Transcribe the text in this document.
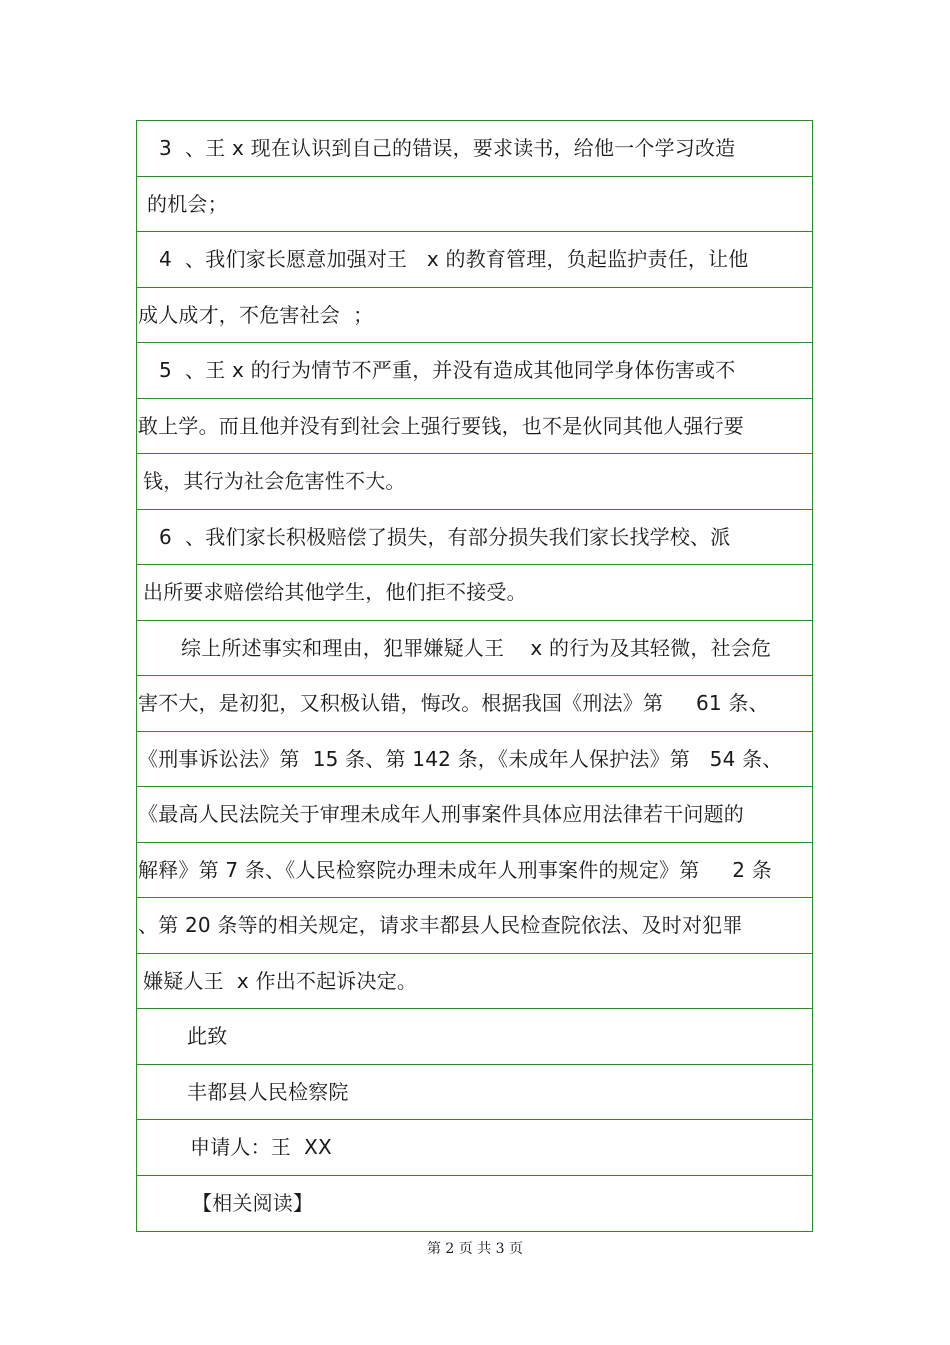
3  、王 x 现在认识到自己的错误，要求读书，给他一个学习改造
的机会；
4  、我们家长愿意加强对王   x 的教育管理，负起监护责任，让他
成人成才，不危害社会  ；
5  、王 x 的行为情节不严重，并没有造成其他同学身体伤害或不
敢上学。而且他并没有到社会上强行要钱，也不是伙同其他人强行要
钱，其行为社会危害性不大。
6  、我们家长积极赔偿了损失，有部分损失我们家长找学校、派
出所要求赔偿给其他学生，他们拒不接受。
综上所述事实和理由，犯罪嫌疑人王    x 的行为及其轻微，社会危
害不大，是初犯，又积极认错，悔改。根据我国《刑法》第     61 条、
《刑事诉讼法》第  15 条、第 142 条，《未成年人保护法》第   54 条、
《最高人民法院关于审理未成年人刑事案件具体应用法律若干问题的
解释》第 7 条、《人民检察院办理未成年人刑事案件的规定》第     2 条
、第 20 条等的相关规定，请求丰都县人民检查院依法、及时对犯罪
嫌疑人王  x 作出不起诉决定。
此致
丰都县人民检察院
申请人：王  XX
【相关阅读】
第 2 页 共 3 页
